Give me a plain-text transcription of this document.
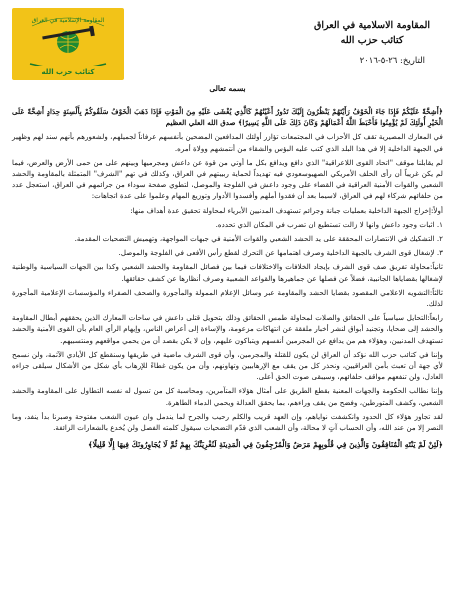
المقاومة الاسلامية في العراق
كتائب حزب الله
التاريخ: ٢٦-٥-٢٠١٦
المقاومة الإسلامية في العراق
كتائب حزب الله
بسمه تعالى

﴿أَشِحَّةً عَلَيْكُمْ فَإِذَا جَاءَ الْخَوْفُ رَأَيْتَهُمْ يَنْظُرُونَ إِلَيْكَ تَدُورُ أَعْيُنُهُمْ كَالَّذِي يُغْشَى عَلَيْهِ مِنَ الْمَوْتِ فَإِذَا ذَهَبَ الْخَوْفُ سَلَقُوكُمْ بِأَلْسِنَةٍ حِدَادٍ أَشِحَّةً عَلَى الْخَيْرِ أُولَئِكَ لَمْ يُؤْمِنُوا فَأَحْبَطَ اللَّهُ أَعْمَالَهُمْ وَكَانَ ذَلِكَ عَلَى اللَّهِ يَسِيرًا﴾ صدق الله العلي العظيم

في المعارك المصيرية تقف كل الأحزاب في المجتمعات تؤازر أولئك المدافعين المضحين بأنفسهم عرفاناً لجميلهم، ولشعورهم بأنهم سند لهم وظهير في الجبهة الداخلية إلا في هذا البلد الذي كتب عليه البؤس والشقاء من أنتمشهم وولاة أمره.

لم يقابلنا موقف "اتحاد القوى اللاعراقية" الذي دافع ويدافع بكل ما أوتي من قوة عن داعش ومجرميها وبينهم على من حمى الأرض والعرض، فيما لم يكن غريباً أن رأى الحلف الأمريكي الصهيوسعودي فيه تهديداً لحماية ربيبتهم في العراق، وكذلك في تهم "الشرف" المتمثلة بالمقاومة والحشد الشعبي والقوات الأمنية العراقية في القضاء على وجود داعش في الفلوجة والموصل، لتطوي صفحة سوداء من جرائمهم في العراق، استعجل عدد من حلفائهم شركاء لهم في العراق، لاسيما بعد أن فقدوا أملهم وأفسدوا الأدوار وتوزيع المهام وعلموا على عدة اتجاهات:

أولاً:إخراج الجبهة الداخلية بعمليات جبانة وجرائم تستهدف المدنيين الأبرياء لمحاولة تحقيق عدة أهداف منها:

١. اثبات وجود داعش وانها لا زالت تستطيع ان تضرب في المكان الذي تحدده.

٢. التشكيك في الانتصارات المحققة على يد الحشد الشعبي والقوات الأمنية في جبهات المواجهة، وتهميش التضحيات المقدمة.

٣. لإشغال قوى الشرف بالجبهة الداخلية وصرف اهتمامها عن التحرك لقطع رأس الأفعى في الفلوجة والموصل.

ثانياً:محاولة تفريق صف قوى الشرف بإيجاد الخلافات والاختلافات فيما بين فصائل المقاومة والحشد الشعبي وكذا بين الجهات السياسية والوطنية لإشغالها بقضاياها الجانبية، فضلاً عن فصلها عن جماهيرها والقواعد الشعبية وصرف أنظارها عن كشف حقائقها.

ثالثاً:التشويه الاعلامي المقصود بقضايا الحشد والمقاومة عبر وسائل الإعلام الممولة والمأجورة والصحف الصفراء والمؤسسات الإعلامية المأجورة لذلك.

رابعاً:التحايل سياسياً على الحقائق والصلات لمحاولة طمس الحقائق وذلك بتحويل قتلى داعش في ساحات المعارك الذين يحققهم أبطال المقاومة والحشد إلى ضحايا، وتجنيد أبواق لنشر أخبار ملفقة عن انتهاكات مزعومة، والإساءة إلى أعراض الناس، وإيهام الرأي العام بأن القوى الأمنية والحشد تستهدف المدنيين، وهؤلاء هم من يدافع عن المجرمين أنفسهم ويتباكون عليهم، وإن لا يكن بقصد أن من يحمي مواقعهم ومنتسبيهم.

وإننا في كتائب حزب الله نؤكد أن العراق لن يكون للقتلة والمجرمين، وأن قوى الشرف ماضية في طريقها وسنقطع كل الأيادي الآثمة، ولن نسمح لأي جهة أن تعبث بأمن العراقيين، ونحذر كل من يقف مع الإرهابيين وتهاونهم، وأن من يكون غطاءً للإرهاب بأي شكل من الأشكال سيلقى جزاءه العادل، ولن تنفعهم مواقف حلفائهم، وسيبقى صوت الحق أعلى.

وإننا نطالب الحكومة والجهات المعنية بقطع الطريق على أمثال هؤلاء المتآمرين، ومحاسبة كل من تسول له نفسه التطاول على المقاومة والحشد الشعبي، وكشف المتورطين، وفضح من يقف وراءهم، بما يحقق العدالة ويحمي الدماء الطاهرة.

لقد تجاوز هؤلاء كل الحدود وانكشفت نواياهم، وإن العهد قريب والكلم رحيب والجرح لما يندمل وان عيون الشعب مفتوحة وصبرنا بدأ ينفد، وما النصر إلا من عند الله، وأن الحساب آتٍ لا محالة، وأن الشعب الذي قدّم التضحيات سيقول كلمته الفصل ولن يُخدع بالشعارات الزائفة.

﴿لَئِنْ لَمْ يَنْتَهِ الْمُنَافِقُونَ وَالَّذِينَ فِي قُلُوبِهِمْ مَرَضٌ وَالْمُرْجِفُونَ فِي الْمَدِينَةِ لَنُغْرِيَنَّكَ بِهِمْ ثُمَّ لَا يُجَاوِرُونَكَ فِيهَا إِلَّا قَلِيلًا﴾
